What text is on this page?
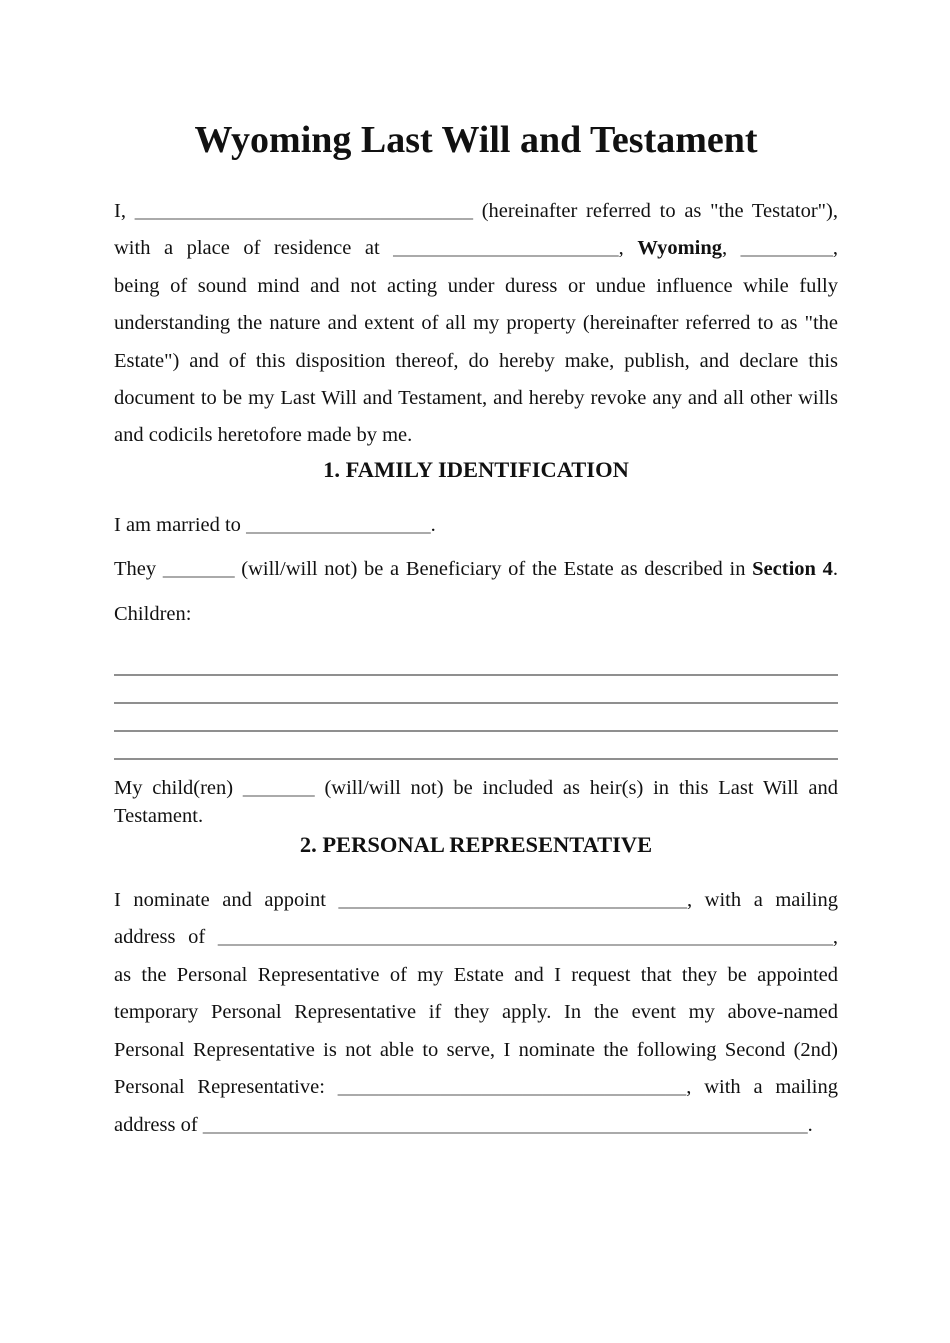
Wyoming Last Will and Testament
I, _________________________________ (hereinafter referred to as "the Testator"),
with a place of residence at ______________________, Wyoming, _________,
being of sound mind and not acting under duress or undue influence while fully
understanding the nature and extent of all my property (hereinafter referred to as "the
Estate") and of this disposition thereof, do hereby make, publish, and declare this
document to be my Last Will and Testament, and hereby revoke any and all other wills
and codicils heretofore made by me.
1. FAMILY IDENTIFICATION
I am married to __________________.
They _______ (will/will not) be a Beneficiary of the Estate as described in Section 4.
Children:
My child(ren) _______ (will/will not) be included as heir(s) in this Last Will and
Testament.
2. PERSONAL REPRESENTATIVE
I nominate and appoint __________________________________, with a mailing
address of ____________________________________________________________,
as the Personal Representative of my Estate and I request that they be appointed
temporary Personal Representative if they apply. In the event my above-named
Personal Representative is not able to serve, I nominate the following Second (2nd)
Personal Representative: __________________________________, with a mailing
address of ___________________________________________________________.
